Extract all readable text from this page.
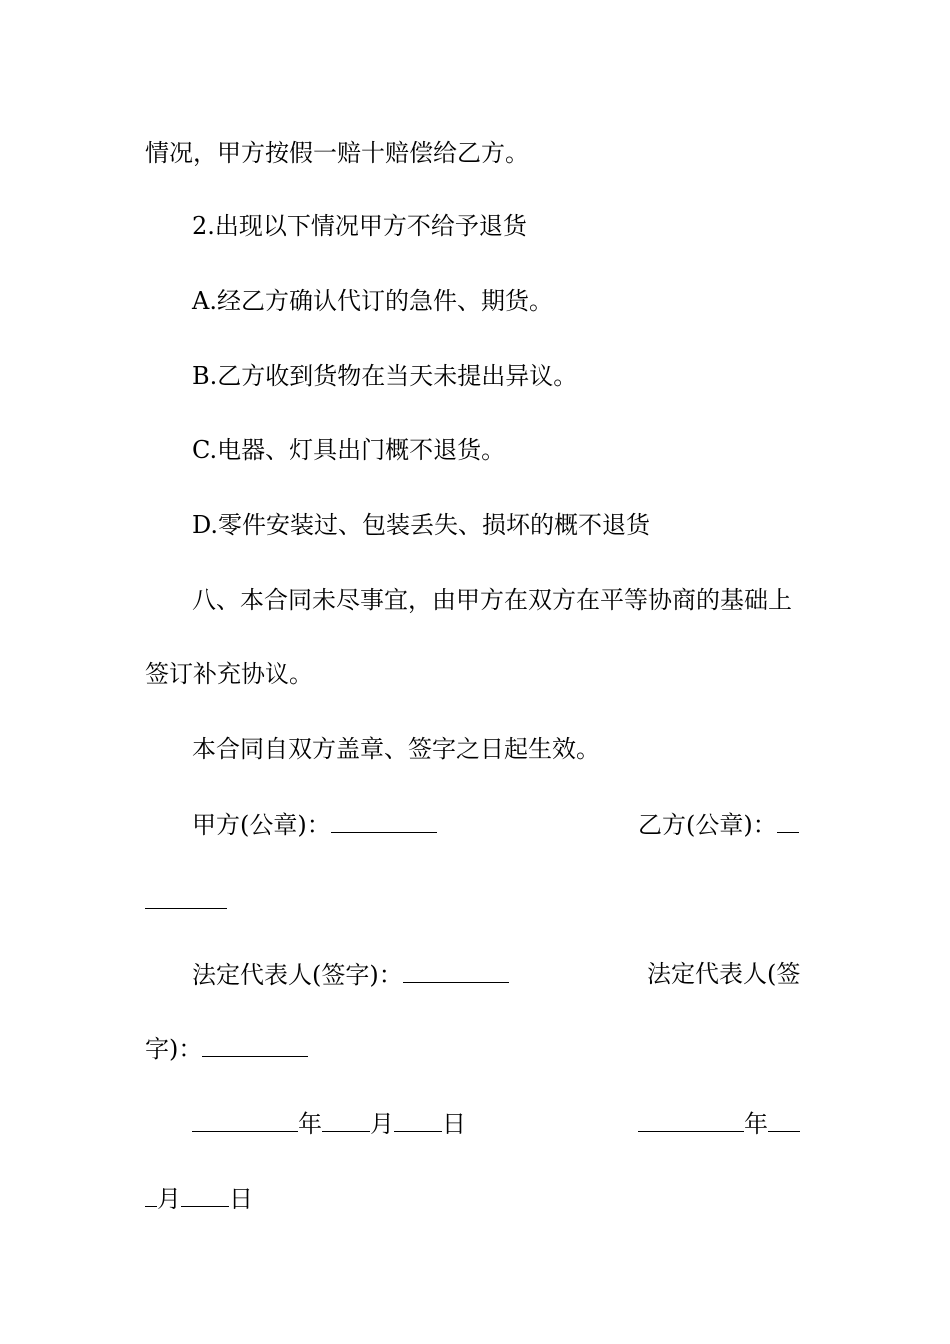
情况，甲方按假一赔十赔偿给乙方。
2.出现以下情况甲方不给予退货
A.经乙方确认代订的急件、期货。
B.乙方收到货物在当天未提出异议。
C.电器、灯具出门概不退货。
D.零件安装过、包装丢失、损坏的概不退货
八、本合同未尽事宜，由甲方在双方在平等协商的基础上
签订补充协议。
本合同自双方盖章、签字之日起生效。
甲方(公章)：	乙方(公章)：
法定代表人(签字)：	法定代表人(签
字)：
年 月 日	年
月 日
